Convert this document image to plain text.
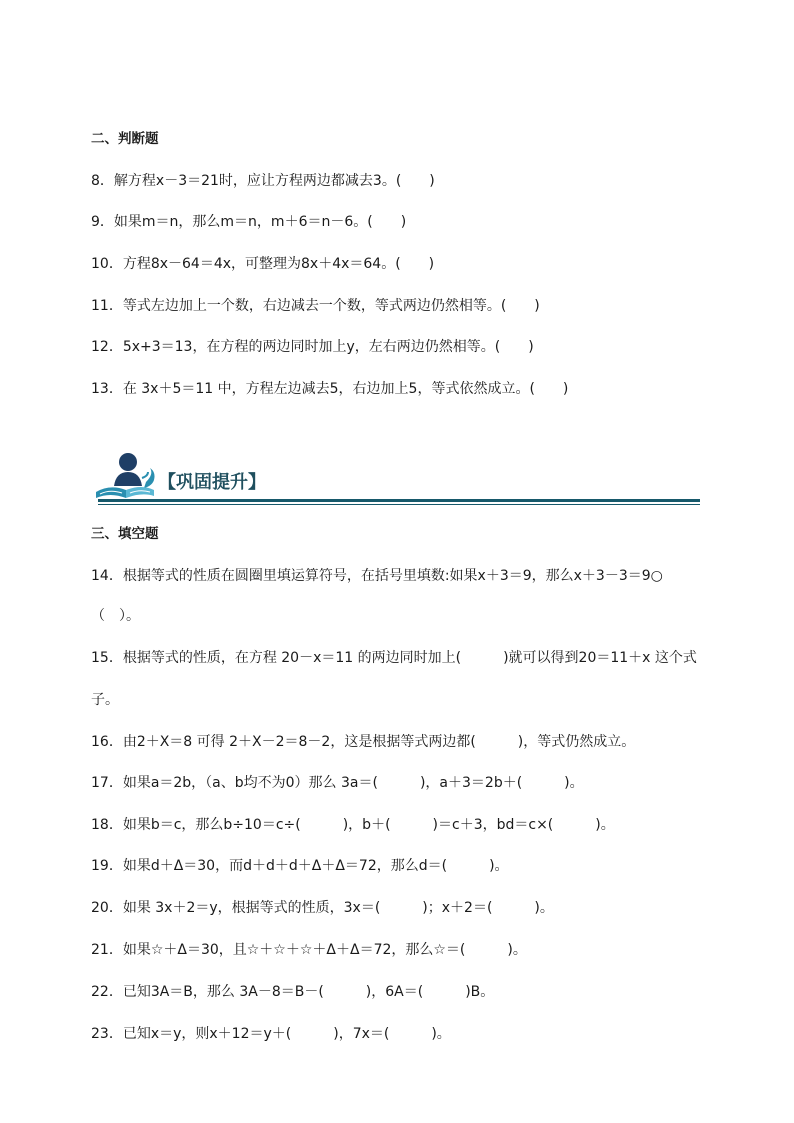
二、判断题
8．解方程x－3＝21时，应让方程两边都减去3。(　　)
9．如果m＝n，那么m＝n，m＋6＝n－6。(　　)
10．方程8x－64＝4x，可整理为8x＋4x＝64。(　　)
11．等式左边加上一个数，右边减去一个数，等式两边仍然相等。(　　)
12．5x+3＝13，在方程的两边同时加上y，左右两边仍然相等。(　　)
13．在 3x＋5＝11 中，方程左边减去5，右边加上5，等式依然成立。(　　)
【巩固提升】
三、填空题
14．根据等式的性质在圆圈里填运算符号，在括号里填数:如果x＋3＝9，那么x＋3－3＝9○
（　）。
15．根据等式的性质，在方程 20－x＝11 的两边同时加上(　　　)就可以得到20＝11＋x 这个式
子。
16．由2＋X＝8 可得 2＋X－2＝8－2，这是根据等式两边都(　　　)，等式仍然成立。
17．如果a＝2b，（a、b均不为0）那么 3a＝(　　　)，a＋3＝2b＋(　　　)。
18．如果b＝c，那么b÷10＝c÷(　　　)，b＋(　　　)＝c＋3，bd＝c×(　　　)。
19．如果d＋Δ＝30，而d＋d＋d＋Δ＋Δ＝72，那么d＝(　　　)。
20．如果 3x＋2＝y，根据等式的性质，3x＝(　　　)；x＋2＝(　　　)。
21．如果☆＋Δ＝30，且☆＋☆＋☆＋Δ＋Δ＝72，那么☆＝(　　　)。
22．已知3A＝B，那么 3A－8＝B－(　　　)，6A＝(　　　)B。
23．已知x＝y，则x＋12＝y＋(　　　)，7x＝(　　　)。
